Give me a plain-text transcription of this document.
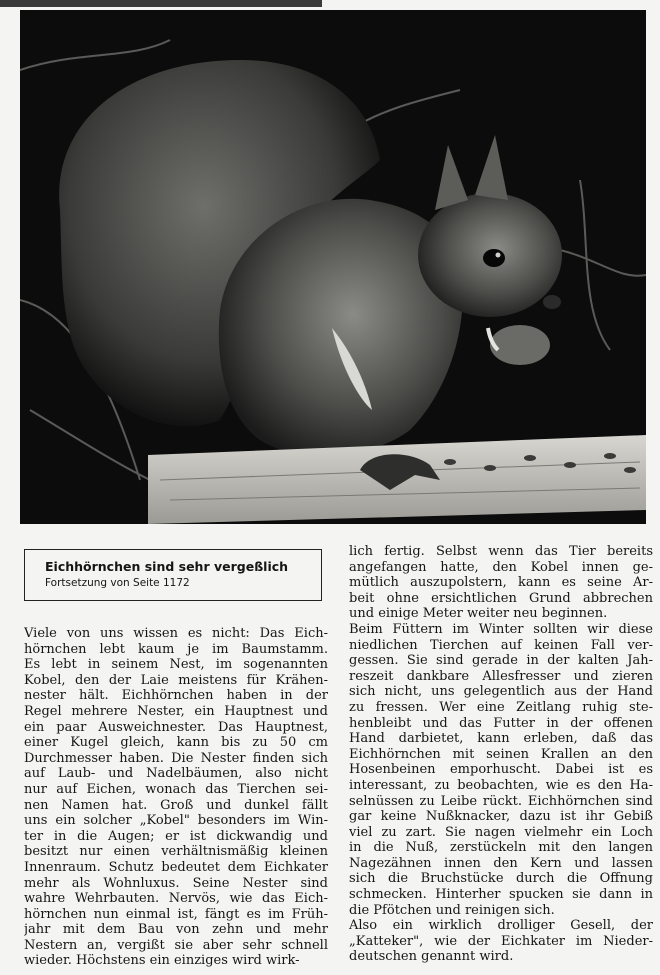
Eichhörnchen sind sehr vergeßlich
Fortsetzung von Seite 1172
Viele von uns wissen es nicht: Das Eich-
hörnchen lebt kaum je im Baumstamm.
Es lebt in seinem Nest, im sogenannten
Kobel, den der Laie meistens für Krähen-
nester hält. Eichhörnchen haben in der
Regel mehrere Nester, ein Hauptnest und
ein paar Ausweichnester. Das Hauptnest,
einer Kugel gleich, kann bis zu 50 cm
Durchmesser haben. Die Nester finden sich
auf Laub- und Nadelbäumen, also nicht
nur auf Eichen, wonach das Tierchen sei-
nen Namen hat. Groß und dunkel fällt
uns ein solcher „Kobel" besonders im Win-
ter in die Augen; er ist dickwandig und
besitzt nur einen verhältnismäßig kleinen
Innenraum. Schutz bedeutet dem Eichkater
mehr als Wohnluxus. Seine Nester sind
wahre Wehrbauten. Nervös, wie das Eich-
hörnchen nun einmal ist, fängt es im Früh-
jahr mit dem Bau von zehn und mehr
Nestern an, vergißt sie aber sehr schnell
wieder. Höchstens ein einziges wird wirk-
lich fertig. Selbst wenn das Tier bereits
angefangen hatte, den Kobel innen ge-
mütlich auszupolstern, kann es seine Ar-
beit ohne ersichtlichen Grund abbrechen
und einige Meter weiter neu beginnen.
Beim Füttern im Winter sollten wir diese
niedlichen Tierchen auf keinen Fall ver-
gessen. Sie sind gerade in der kalten Jah-
reszeit dankbare Allesfresser und zieren
sich nicht, uns gelegentlich aus der Hand
zu fressen. Wer eine Zeitlang ruhig ste-
henbleibt und das Futter in der offenen
Hand darbietet, kann erleben, daß das
Eichhörnchen mit seinen Krallen an den
Hosenbeinen emporhuscht. Dabei ist es
interessant, zu beobachten, wie es den Ha-
selnüssen zu Leibe rückt. Eichhörnchen sind
gar keine Nußknacker, dazu ist ihr Gebiß
viel zu zart. Sie nagen vielmehr ein Loch
in die Nuß, zerstückeln mit den langen
Nagezähnen innen den Kern und lassen
sich die Bruchstücke durch die Öffnung
schmecken. Hinterher spucken sie dann in
die Pfötchen und reinigen sich.
Also ein wirklich drolliger Gesell, der
„Katteker", wie der Eichkater im Nieder-
deutschen genannt wird.
